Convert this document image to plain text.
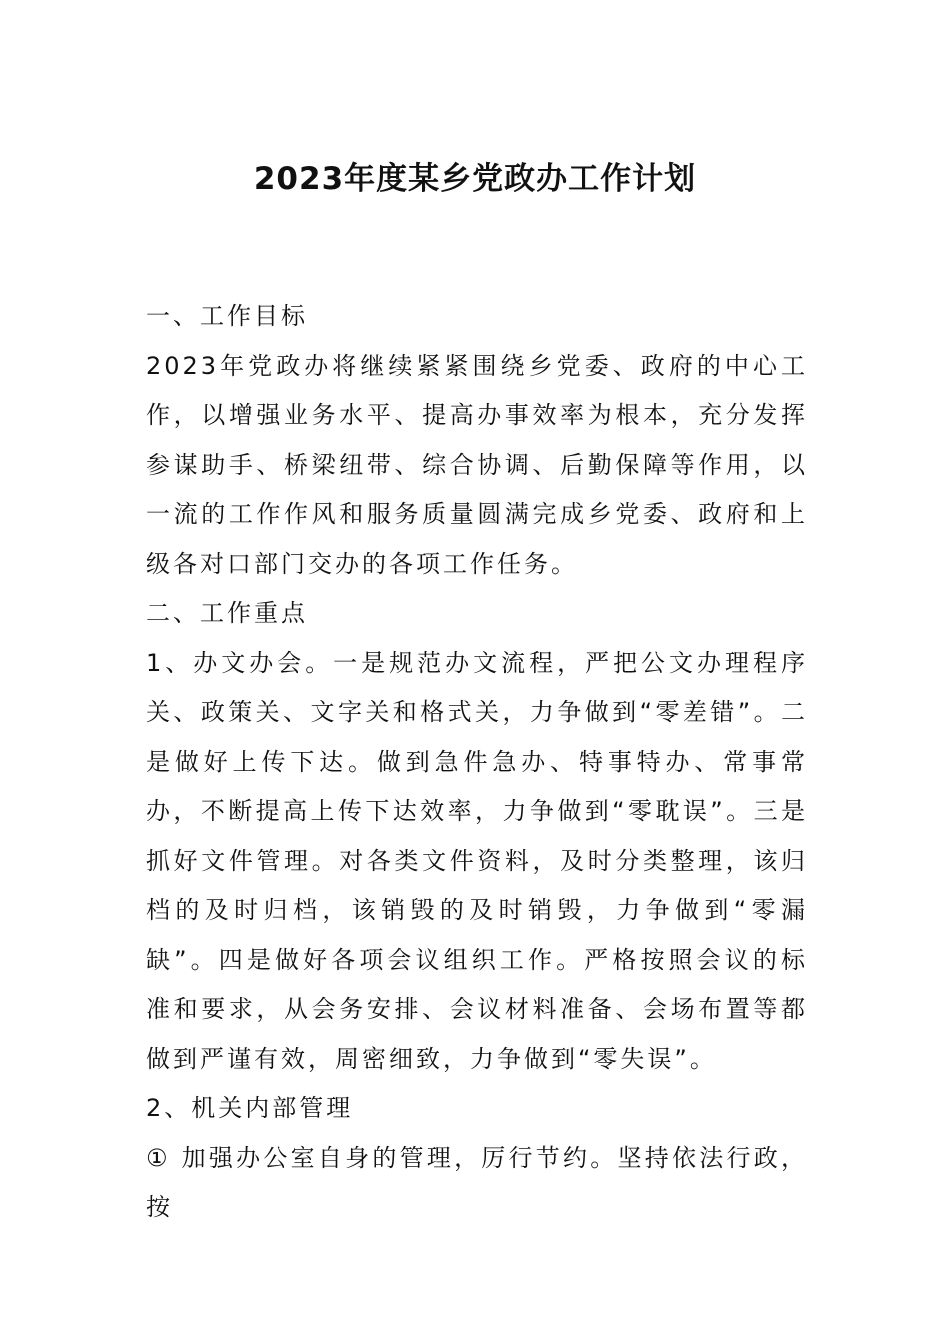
2023年度某乡党政办工作计划

一、工作目标

2023年党政办将继续紧紧围绕乡党委、政府的中心工作，以增强业务水平、提高办事效率为根本，充分发挥参谋助手、桥梁纽带、综合协调、后勤保障等作用，以一流的工作作风和服务质量圆满完成乡党委、政府和上级各对口部门交办的各项工作任务。

二、工作重点

1、办文办会。一是规范办文流程，严把公文办理程序关、政策关、文字关和格式关，力争做到“零差错”。二是做好上传下达。做到急件急办、特事特办、常事常办，不断提高上传下达效率，力争做到“零耽误”。三是抓好文件管理。对各类文件资料，及时分类整理，该归档的及时归档，该销毁的及时销毁，力争做到“零漏缺”。四是做好各项会议组织工作。严格按照会议的标准和要求，从会务安排、会议材料准备、会场布置等都做到严谨有效，周密细致，力争做到“零失误”。

2、机关内部管理

① 加强办公室自身的管理，厉行节约。坚持依法行政，按
